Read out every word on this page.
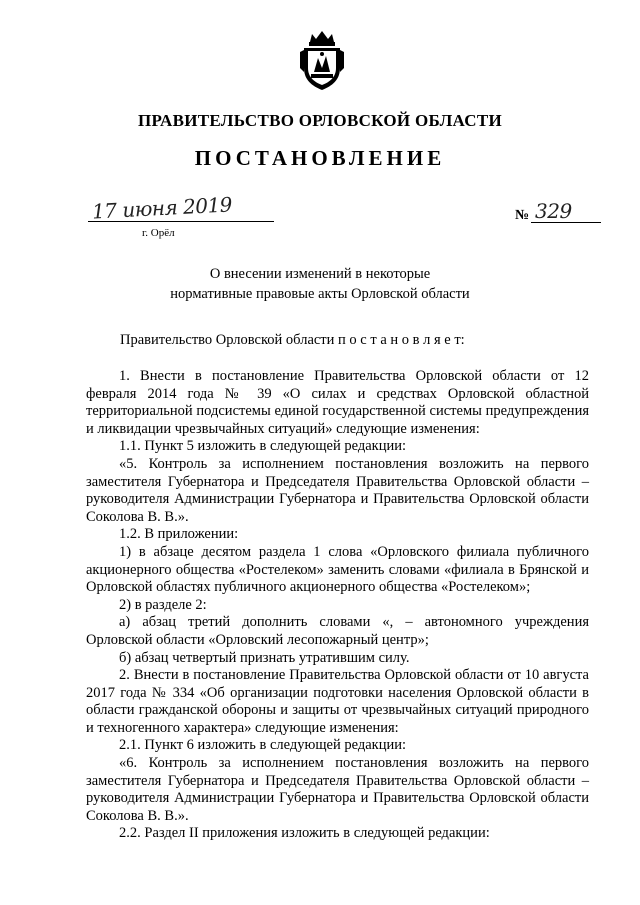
ПРАВИТЕЛЬСТВО ОРЛОВСКОЙ ОБЛАСТИ
ПОСТАНОВЛЕНИЕ
17 июня 2019
г. Орёл
№ 329
О внесении изменений в некоторые
нормативные правовые акты Орловской области
Правительство Орловской области п о с т а н о в л я е т:

1. Внести в постановление Правительства Орловской области от 12 февраля 2014 года № 39 «О силах и средствах Орловской областной территориальной подсистемы единой государственной системы предупреждения и ликвидации чрезвычайных ситуаций» следующие изменения:

1.1. Пункт 5 изложить в следующей редакции:

«5. Контроль за исполнением постановления возложить на первого заместителя Губернатора и Председателя Правительства Орловской области – руководителя Администрации Губернатора и Правительства Орловской области Соколова В. В.».

1.2. В приложении:

1) в абзаце десятом раздела 1 слова «Орловского филиала публичного акционерного общества «Ростелеком» заменить словами «филиала в Брянской и Орловской областях публичного акционерного общества «Ростелеком»;

2) в разделе 2:

а) абзац третий дополнить словами «, – автономного учреждения Орловской области «Орловский лесопожарный центр»;

б) абзац четвертый признать утратившим силу.

2. Внести в постановление Правительства Орловской области от 10 августа 2017 года № 334 «Об организации подготовки населения Орловской области в области гражданской обороны и защиты от чрезвычайных ситуаций природного и техногенного характера» следующие изменения:

2.1. Пункт 6 изложить в следующей редакции:

«6. Контроль за исполнением постановления возложить на первого заместителя Губернатора и Председателя Правительства Орловской области – руководителя Администрации Губернатора и Правительства Орловской области Соколова В. В.».

2.2. Раздел II приложения изложить в следующей редакции:
